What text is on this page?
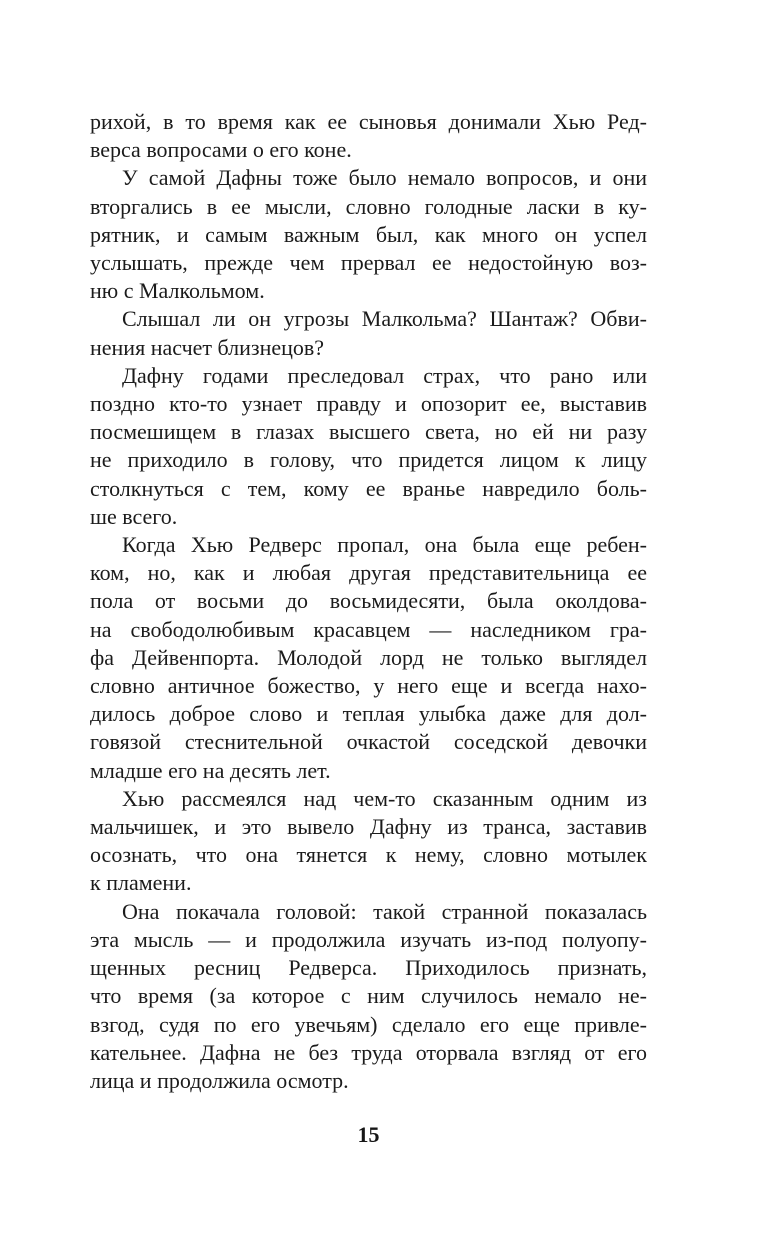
рихой, в то время как ее сыновья донимали Хью Ред-
верса вопросами о его коне.
У самой Дафны тоже было немало вопросов, и они
вторгались в ее мысли, словно голодные ласки в ку-
рятник, и самым важным был, как много он успел
услышать, прежде чем прервал ее недостойную воз-
ню с Малкольмом.
Слышал ли он угрозы Малкольма? Шантаж? Обви-
нения насчет близнецов?
Дафну годами преследовал страх, что рано или
поздно кто-то узнает правду и опозорит ее, выставив
посмешищем в глазах высшего света, но ей ни разу
не приходило в голову, что придется лицом к лицу
столкнуться с тем, кому ее вранье навредило боль-
ше всего.
Когда Хью Редверс пропал, она была еще ребен-
ком, но, как и любая другая представительница ее
пола от восьми до восьмидесяти, была околдова-
на свободолюбивым красавцем — наследником гра-
фа Дейвенпорта. Молодой лорд не только выглядел
словно античное божество, у него еще и всегда нахо-
дилось доброе слово и теплая улыбка даже для дол-
говязой стеснительной очкастой соседской девочки
младше его на десять лет.
Хью рассмеялся над чем-то сказанным одним из
мальчишек, и это вывело Дафну из транса, заставив
осознать, что она тянется к нему, словно мотылек
к пламени.
Она покачала головой: такой странной показалась
эта мысль — и продолжила изучать из-под полуопу-
щенных ресниц Редверса. Приходилось признать,
что время (за которое с ним случилось немало не-
взгод, судя по его увечьям) сделало его еще привле-
кательнее. Дафна не без труда оторвала взгляд от его
лица и продолжила осмотр.
15
